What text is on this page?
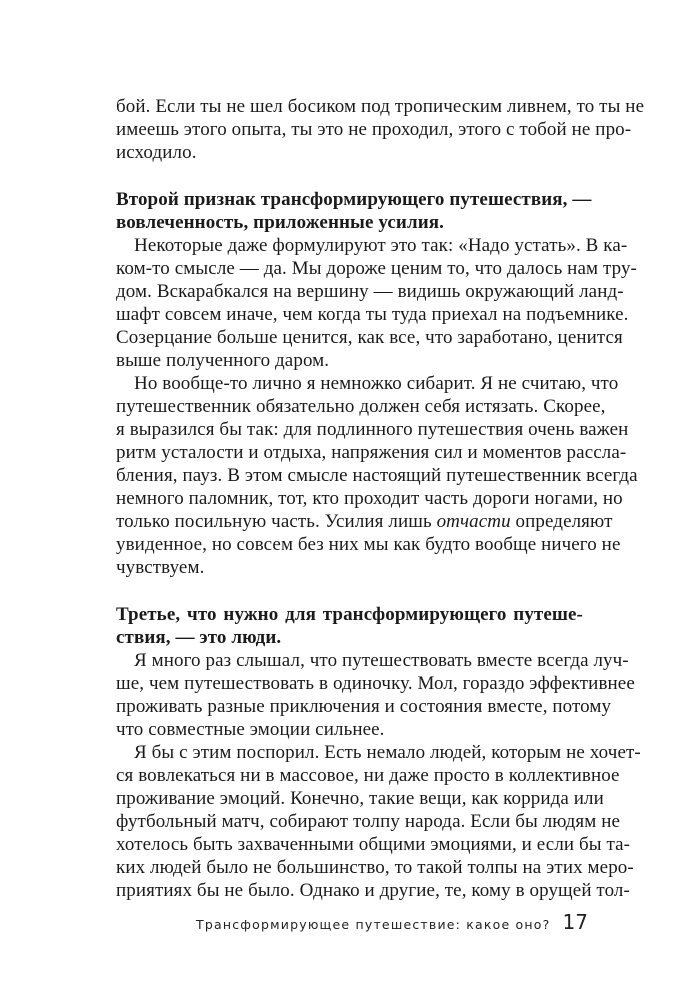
бой. Если ты не шел босиком под тропическим ливнем, то ты не
имеешь этого опыта, ты это не проходил, этого с тобой не про-
исходило.
Второй признак трансформирующего путешествия, —
вовлеченность, приложенные усилия.
Некоторые даже формулируют это так: «Надо устать». В ка-
ком-то смысле — да. Мы дороже ценим то, что далось нам тру-
дом. Вскарабкался на вершину — видишь окружающий ланд-
шафт совсем иначе, чем когда ты туда приехал на подъемнике.
Созерцание больше ценится, как все, что заработано, ценится
выше полученного даром.
Но вообще-то лично я немножко сибарит. Я не считаю, что
путешественник обязательно должен себя истязать. Скорее,
я выразился бы так: для подлинного путешествия очень важен
ритм усталости и отдыха, напряжения сил и моментов рассла-
бления, пауз. В этом смысле настоящий путешественник всегда
немного паломник, тот, кто проходит часть дороги ногами, но
только посильную часть. Усилия лишь отчасти определяют
увиденное, но совсем без них мы как будто вообще ничего не
чувствуем.
Третье, что нужно для трансформирующего путеше-
ствия, — это люди.
Я много раз слышал, что путешествовать вместе всегда луч-
ше, чем путешествовать в одиночку. Мол, гораздо эффективнее
проживать разные приключения и состояния вместе, потому
что совместные эмоции сильнее.
Я бы с этим поспорил. Есть немало людей, которым не хочет-
ся вовлекаться ни в массовое, ни даже просто в коллективное
проживание эмоций. Конечно, такие вещи, как коррида или
футбольный матч, собирают толпу народа. Если бы людям не
хотелось быть захваченными общими эмоциями, и если бы та-
ких людей было не большинство, то такой толпы на этих меро-
приятиях бы не было. Однако и другие, те, кому в орущей тол-
Трансформирующее путешествие: какое оно? 17
